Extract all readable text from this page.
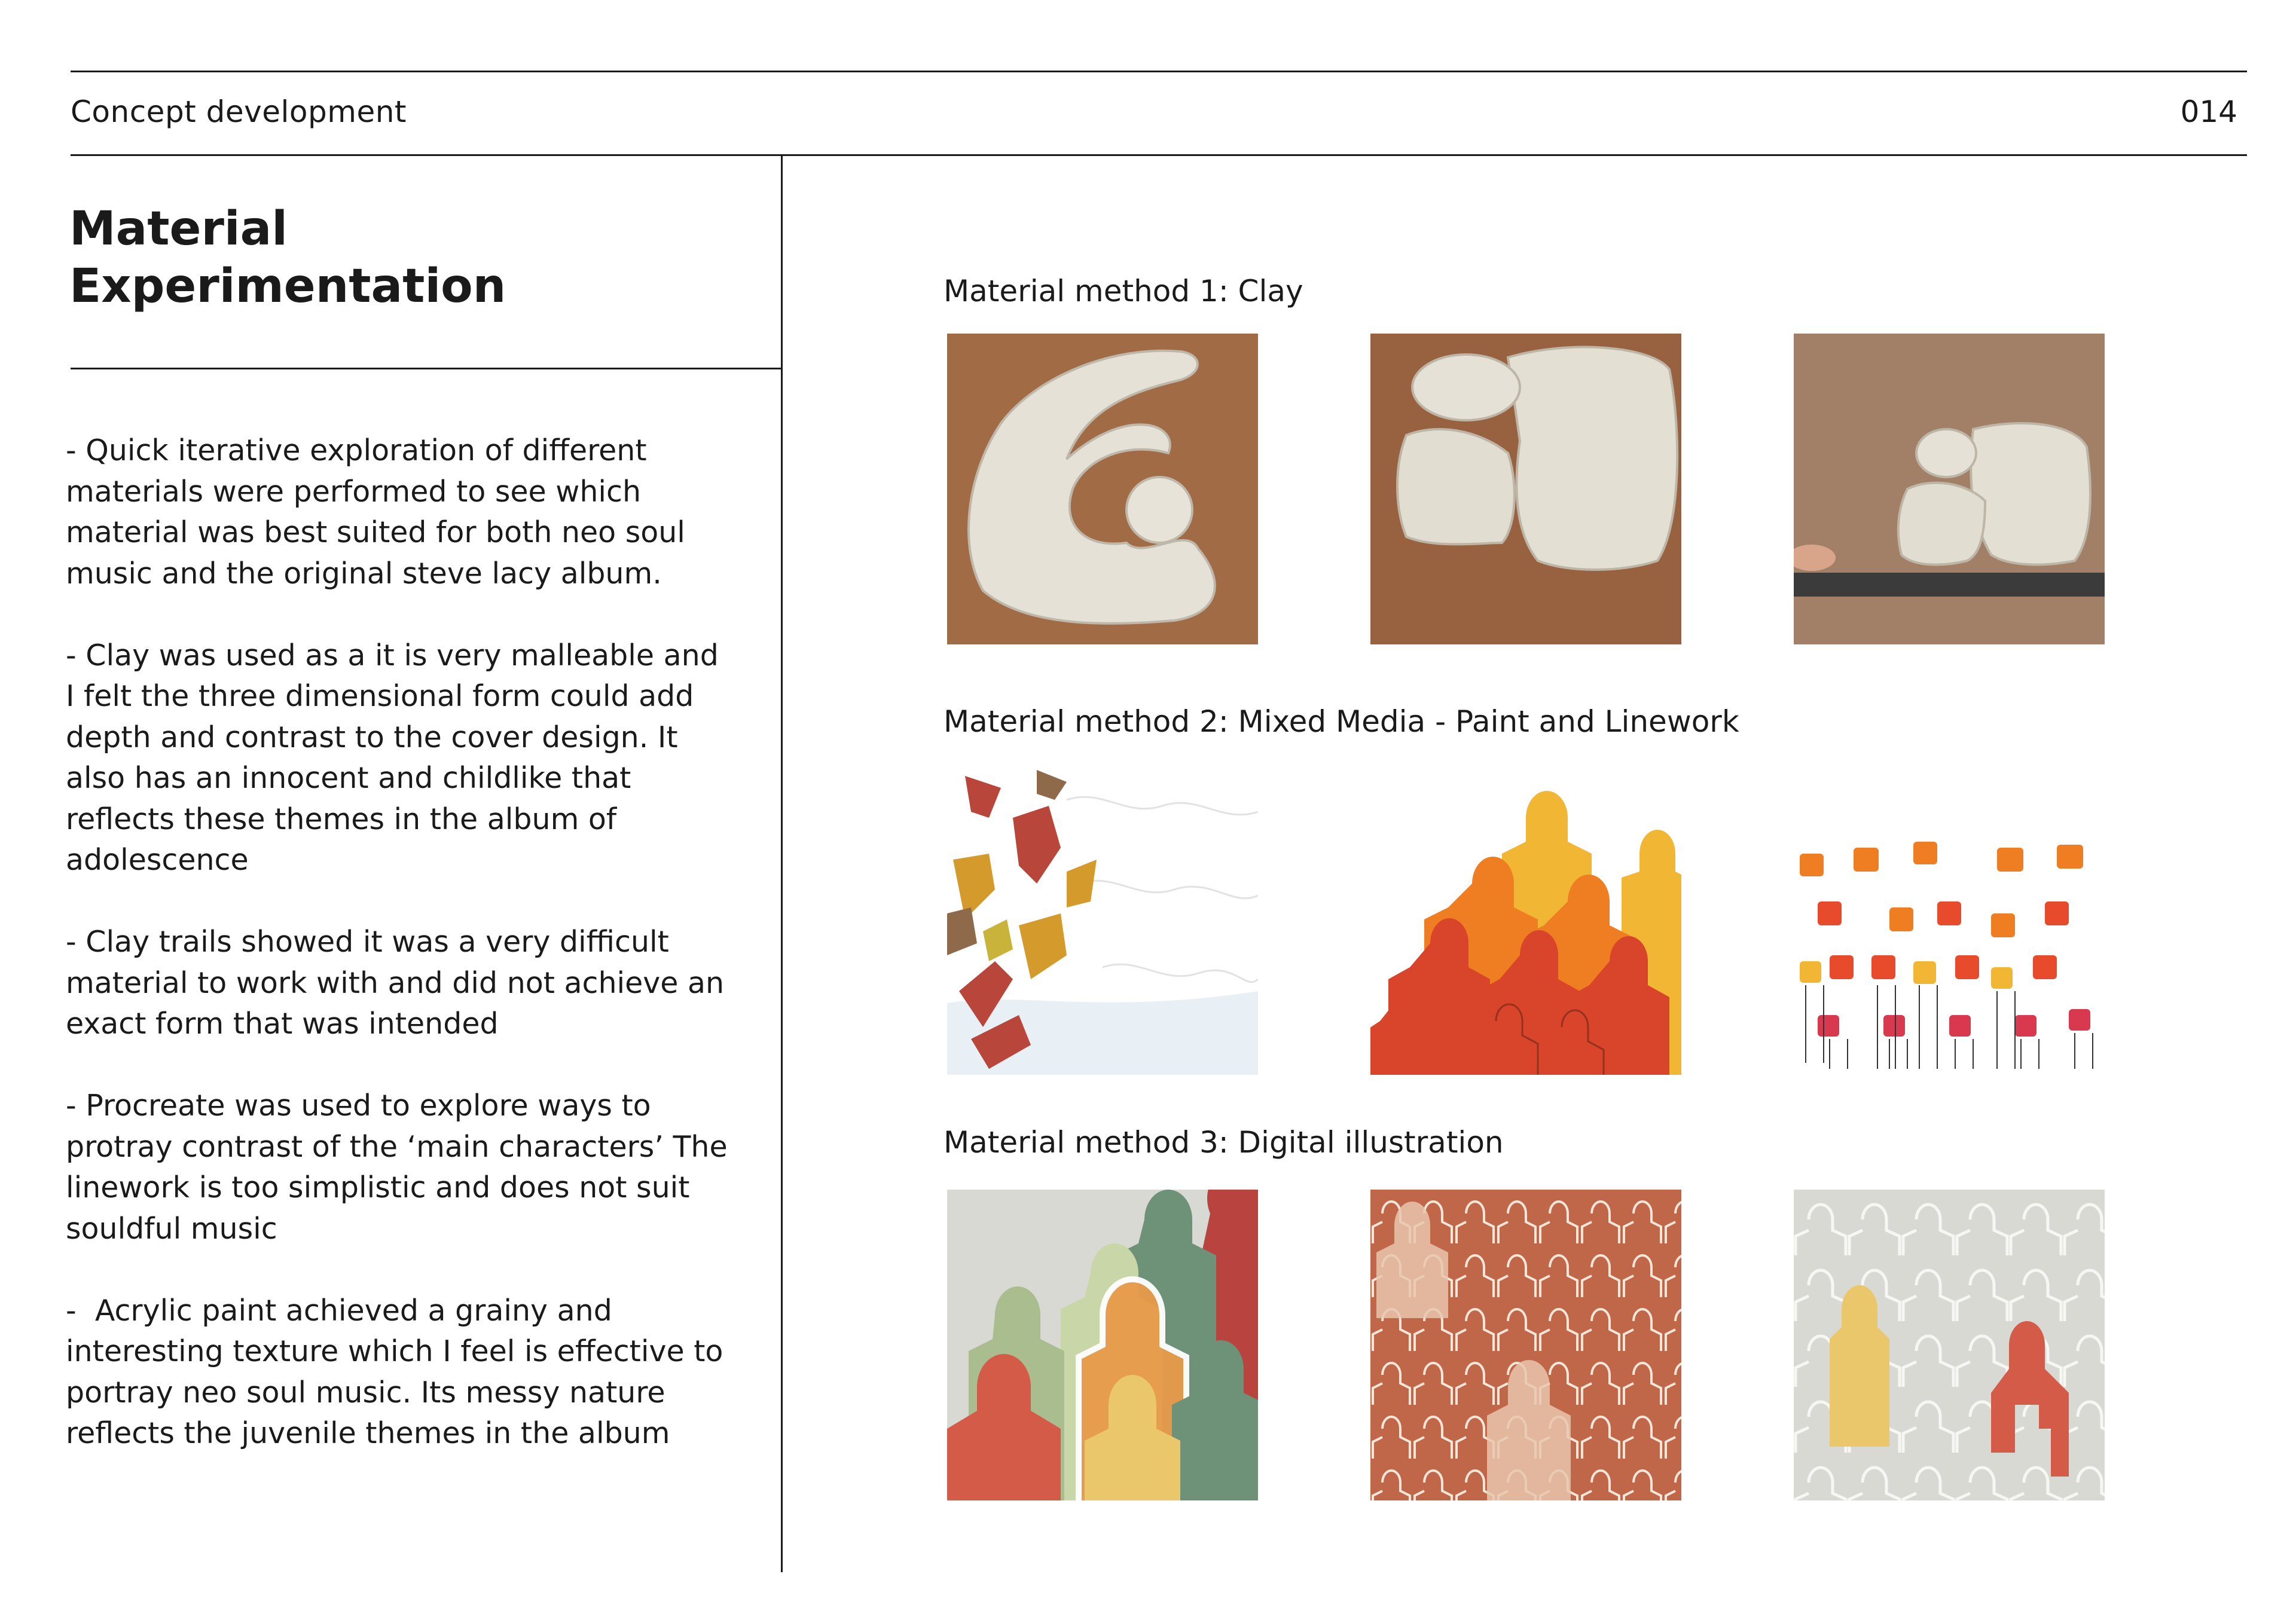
Concept development	014
Material
Experimentation

- Quick iterative exploration of different materials were performed to see which material was best suited for both neo soul music and the original steve lacy album.

- Clay was used as a it is very malleable and I felt the three dimensional form could add depth and contrast to the cover design. It also has an innocent and childlike that reflects these themes in the album of adolescence

- Clay trails showed it was a very difficult material to work with and did not achieve an exact form that was intended

- Procreate was used to explore ways to protray contrast of the ‘main characters’ The linework is too simplistic and does not suit souldful music

-  Acrylic paint achieved a grainy and interesting texture which I feel is effective to portray neo soul music. Its messy nature reflects the juvenile themes in the album

Material method 1: Clay
Material method 2: Mixed Media - Paint and Linework
Material method 3: Digital illustration
